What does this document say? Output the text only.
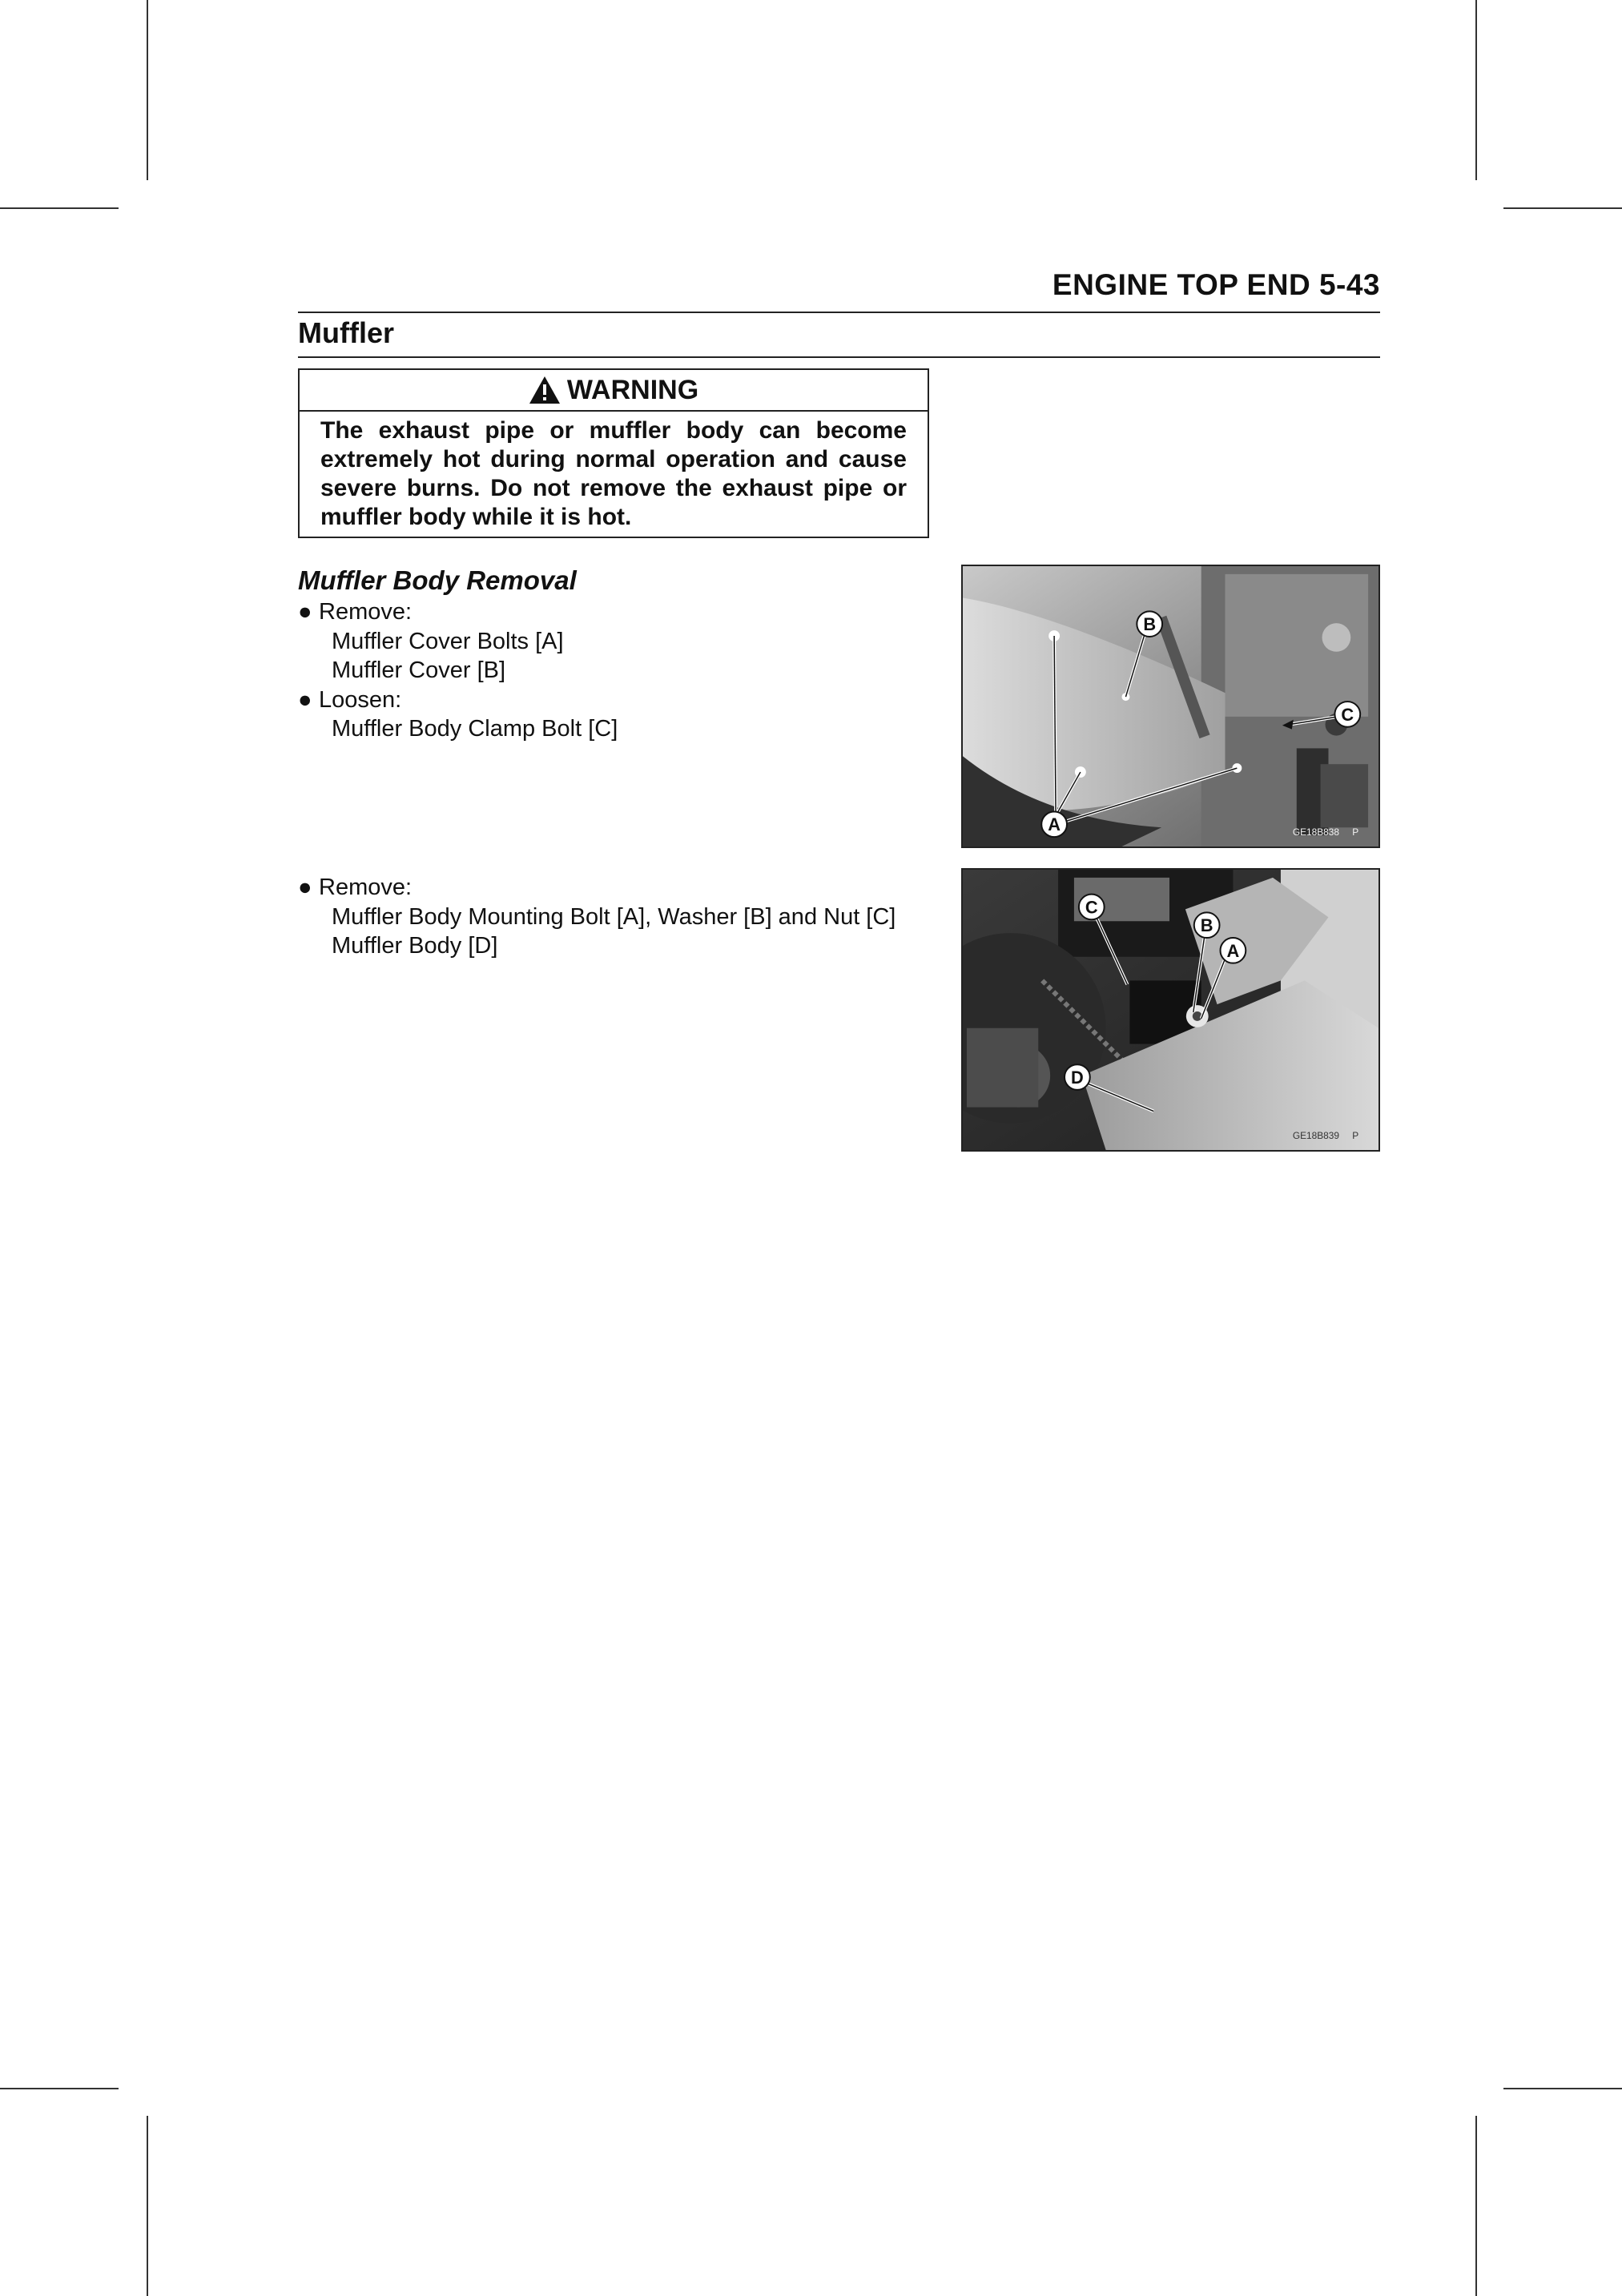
ENGINE TOP END 5-43
Muffler
WARNING
The exhaust pipe or muffler body can become extremely hot during normal operation and cause severe burns. Do not remove the exhaust pipe or muffler body while it is hot.
Muffler Body Removal
● Remove:
Muffler Cover Bolts [A]
Muffler Cover [B]
● Loosen:
Muffler Body Clamp Bolt [C]
● Remove:
Muffler Body Mounting Bolt [A], Washer [B] and Nut [C]
Muffler Body [D]
A
B
C
GE18B838 P
C
B
A
D
GE18B839 P
